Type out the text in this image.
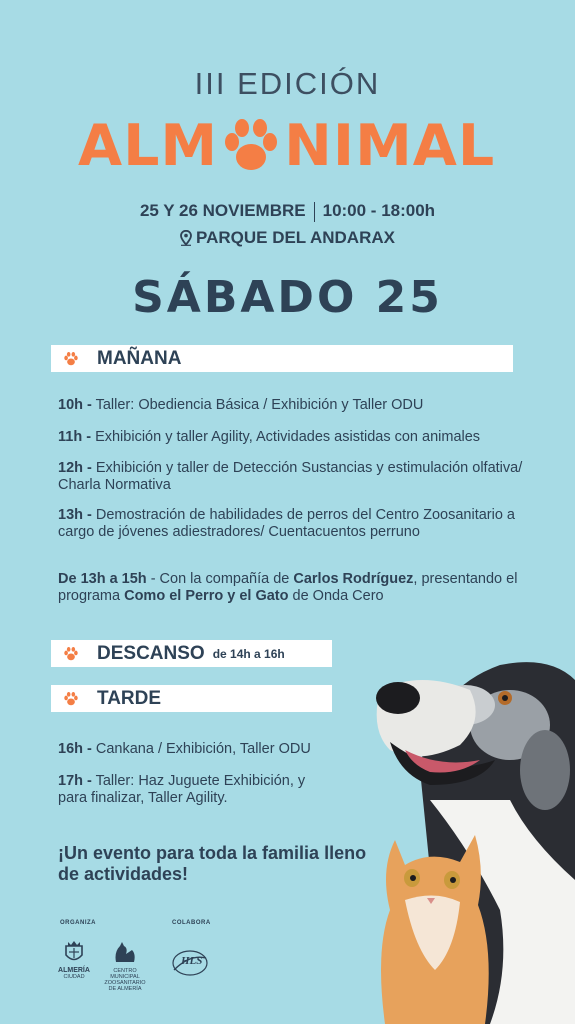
III EDICIÓN
ALM NIMAL
25 Y 26 NOVIEMBRE 10:00 - 18:00h
PARQUE DEL ANDARAX
SÁBADO 25
MAÑANA
10h - Taller: Obediencia Básica / Exhibición y Taller ODU
11h - Exhibición y taller Agility, Actividades asistidas con animales
12h - Exhibición y taller de Detección Sustancias y estimulación olfativa/ Charla Normativa
13h - Demostración de habilidades de perros del Centro Zoosanitario a cargo de jóvenes adiestradores/ Cuentacuentos perruno
De 13h a 15h - Con la compañía de Carlos Rodríguez, presentando el programa Como el Perro y el Gato de Onda Cero
DESCANSO de 14h a 16h
TARDE
16h - Cankana / Exhibición, Taller ODU
17h - Taller: Haz Juguete Exhibición, y para finalizar, Taller Agility.
¡Un evento para toda la familia lleno de actividades!
ORGANIZA	COLABORA
ALMERÍA
CIUDAD
CENTRO MUNICIPAL ZOOSANITARIO DE ALMERÍA
HLS
